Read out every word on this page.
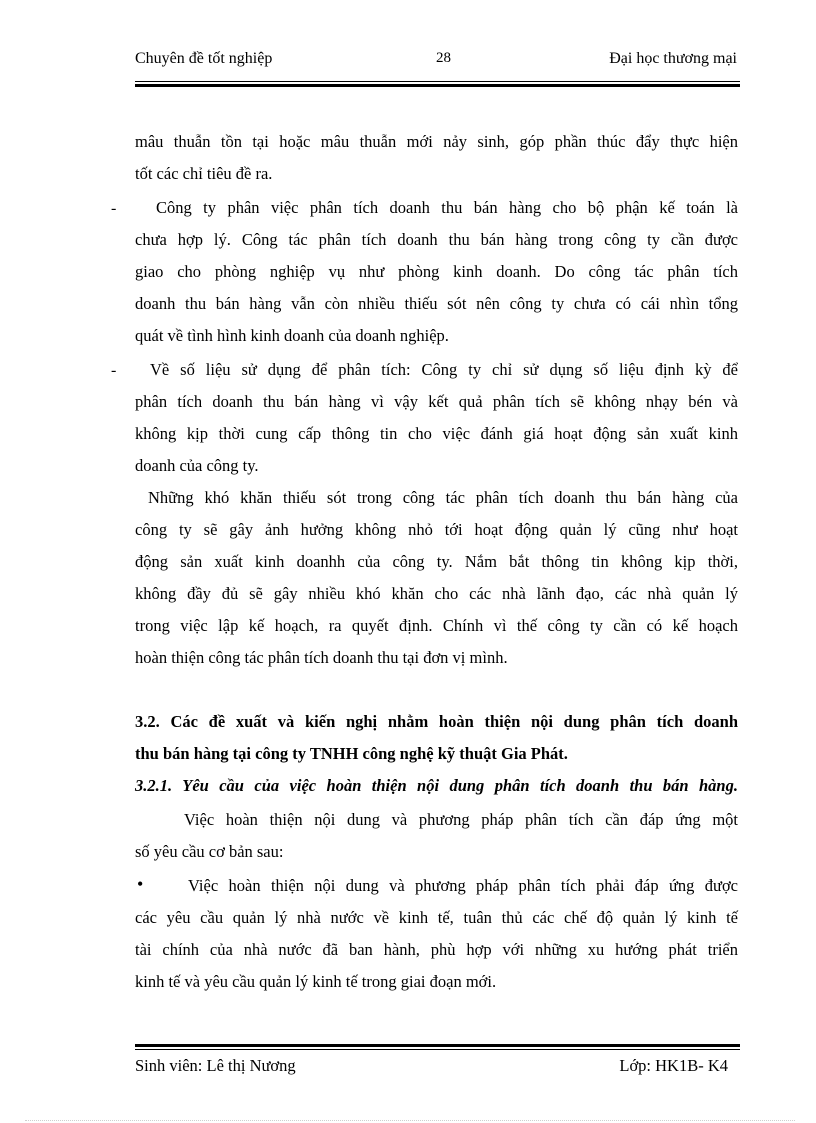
Chuyên đề tốt nghiệp	28	Đại học thương mại
mâu thuẫn tồn tại hoặc mâu thuẫn mới nảy sinh, góp phần thúc đẩy thực hiện
tốt các chỉ tiêu đề ra.
- Công ty phân việc phân tích doanh thu bán hàng cho bộ phận kế toán là
chưa hợp lý. Công tác phân tích doanh thu bán hàng trong công ty cần được
giao cho phòng nghiệp vụ như phòng kinh doanh. Do công tác phân tích
doanh thu bán hàng vẫn còn nhiều thiếu sót nên công ty chưa có cái nhìn tổng
quát về tình hình kinh doanh của doanh nghiệp.
- Về số liệu sử dụng để phân tích: Công ty chỉ sử dụng số liệu định kỳ để
phân tích doanh thu bán hàng vì vậy kết quả phân tích sẽ không nhạy bén và
không kịp thời cung cấp thông tin cho việc đánh giá hoạt động sản xuất kinh
doanh của công ty.
Những khó khăn thiếu sót trong công tác phân tích doanh thu bán hàng của
công ty sẽ gây ảnh hưởng không nhỏ tới hoạt động quản lý cũng như hoạt
động sản xuất kinh doanhh của công ty. Nắm bắt thông tin không kịp thời,
không đầy đủ sẽ gây nhiều khó khăn cho các nhà lãnh đạo, các nhà quản lý
trong việc lập kế hoạch, ra quyết định. Chính vì thế công ty cần có kế hoạch
hoàn thiện công tác phân tích doanh thu tại đơn vị mình.
3.2. Các đề xuất và kiến nghị nhằm hoàn thiện nội dung phân tích doanh
thu bán hàng tại công ty TNHH công nghệ kỹ thuật Gia Phát.
3.2.1. Yêu cầu của việc hoàn thiện nội dung phân tích doanh thu bán hàng.
Việc hoàn thiện nội dung và phương pháp phân tích cần đáp ứng một
số yêu cầu cơ bản sau:
•	Việc hoàn thiện nội dung và phương pháp phân tích phải đáp ứng được
các yêu cầu quản lý nhà nước về kinh tế, tuân thủ các chế độ quản lý kinh tế
tài chính của nhà nước đã ban hành, phù hợp với những xu hướng phát triển
kinh tế và yêu cầu quản lý kinh tế trong giai đoạn mới.
Sinh viên: Lê thị Nương	Lớp: HK1B- K4
